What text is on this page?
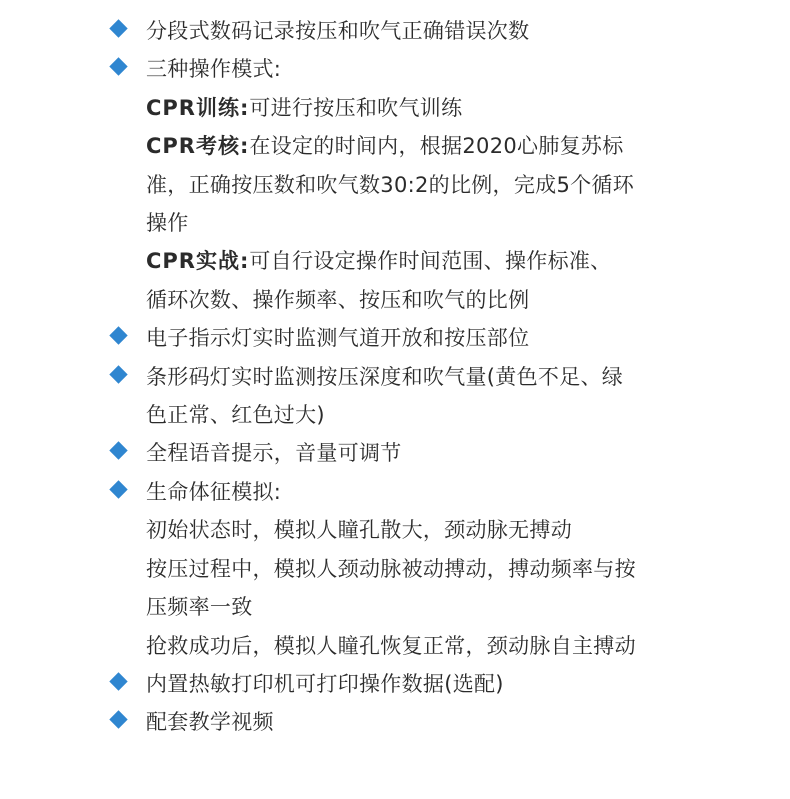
分段式数码记录按压和吹气正确错误次数
三种操作模式:
CPR训练:可进行按压和吹气训练
CPR考核:在设定的时间内，根据2020心肺复苏标
准，正确按压数和吹气数30:2的比例，完成5个循环
操作
CPR实战:可自行设定操作时间范围、操作标准、
循环次数、操作频率、按压和吹气的比例
电子指示灯实时监测气道开放和按压部位
条形码灯实时监测按压深度和吹气量(黄色不足、绿
色正常、红色过大)
全程语音提示，音量可调节
生命体征模拟:
初始状态时，模拟人瞳孔散大，颈动脉无搏动
按压过程中，模拟人颈动脉被动搏动，搏动频率与按
压频率一致
抢救成功后，模拟人瞳孔恢复正常，颈动脉自主搏动
内置热敏打印机可打印操作数据(选配)
配套教学视频
